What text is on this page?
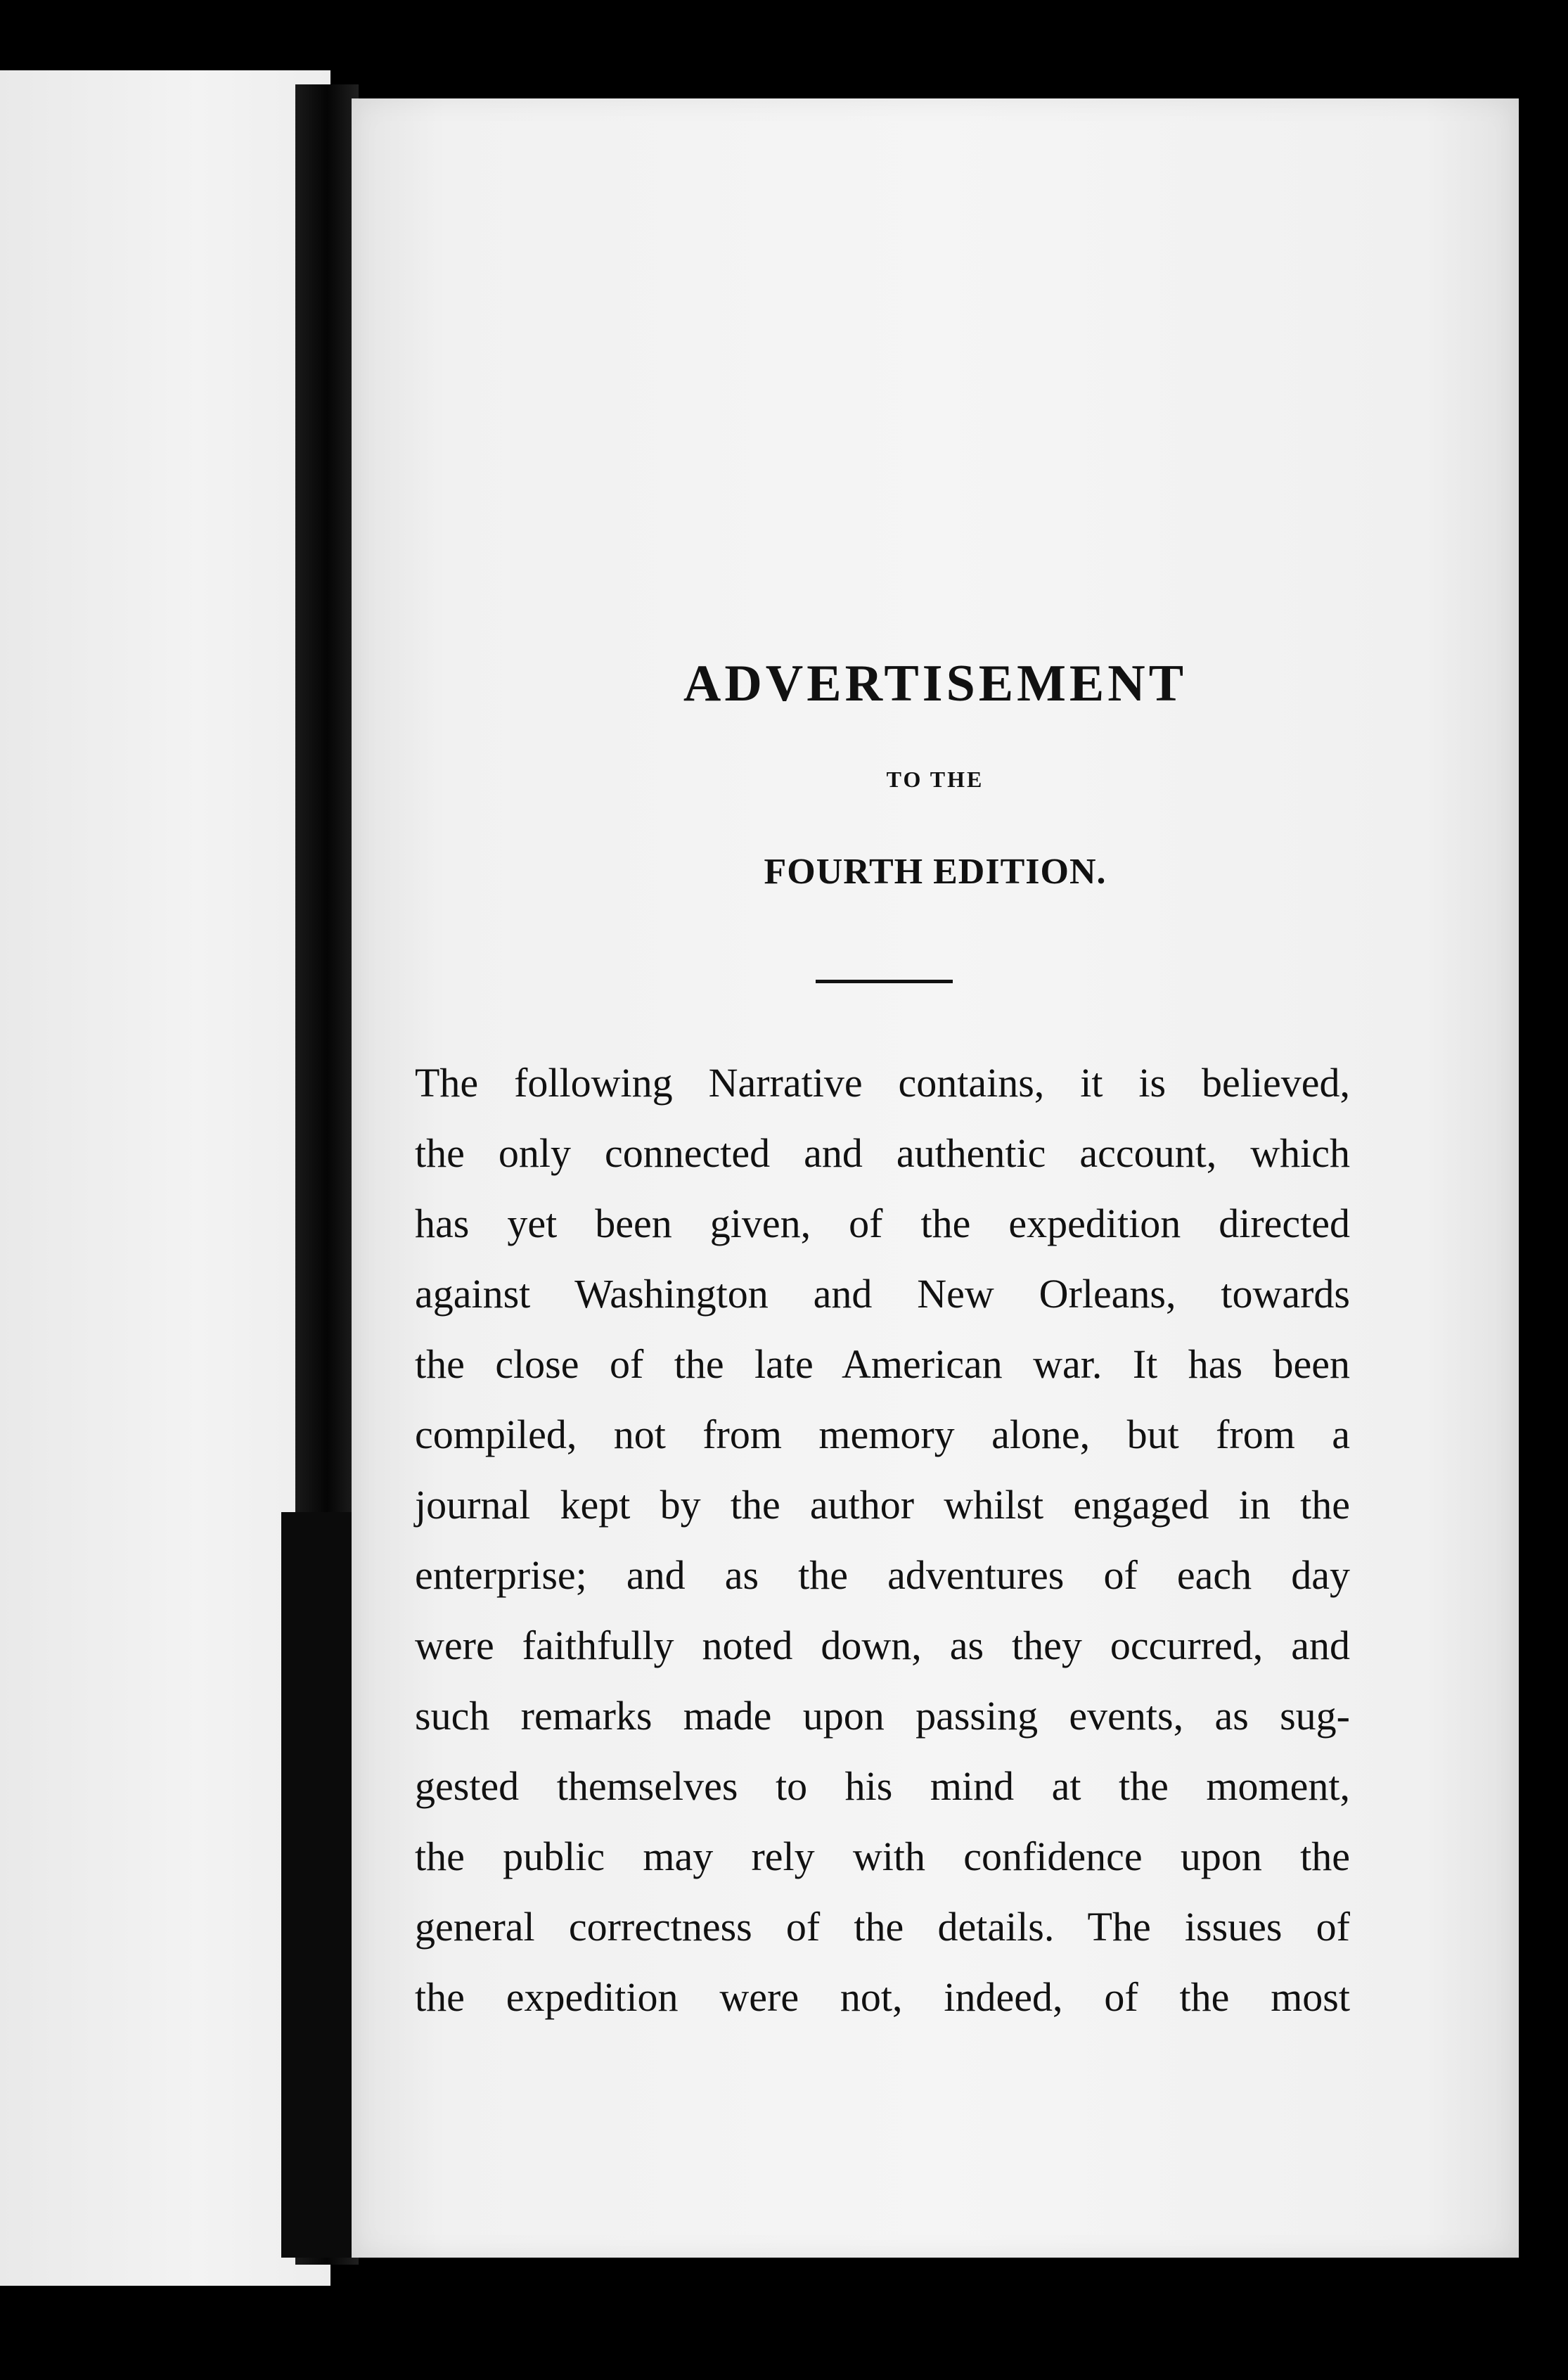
ADVERTISEMENT
TO THE
FOURTH EDITION.
The following Narrative contains, it is believed,
the only connected and authentic account, which
has yet been given, of the expedition directed
against Washington and New Orleans, towards
the close of the late American war. It has been
compiled, not from memory alone, but from a
journal kept by the author whilst engaged in the
enterprise; and as the adventures of each day
were faithfully noted down, as they occurred, and
such remarks made upon passing events, as sug-
gested themselves to his mind at the moment,
the public may rely with confidence upon the
general correctness of the details. The issues of
the expedition were not, indeed, of the most
